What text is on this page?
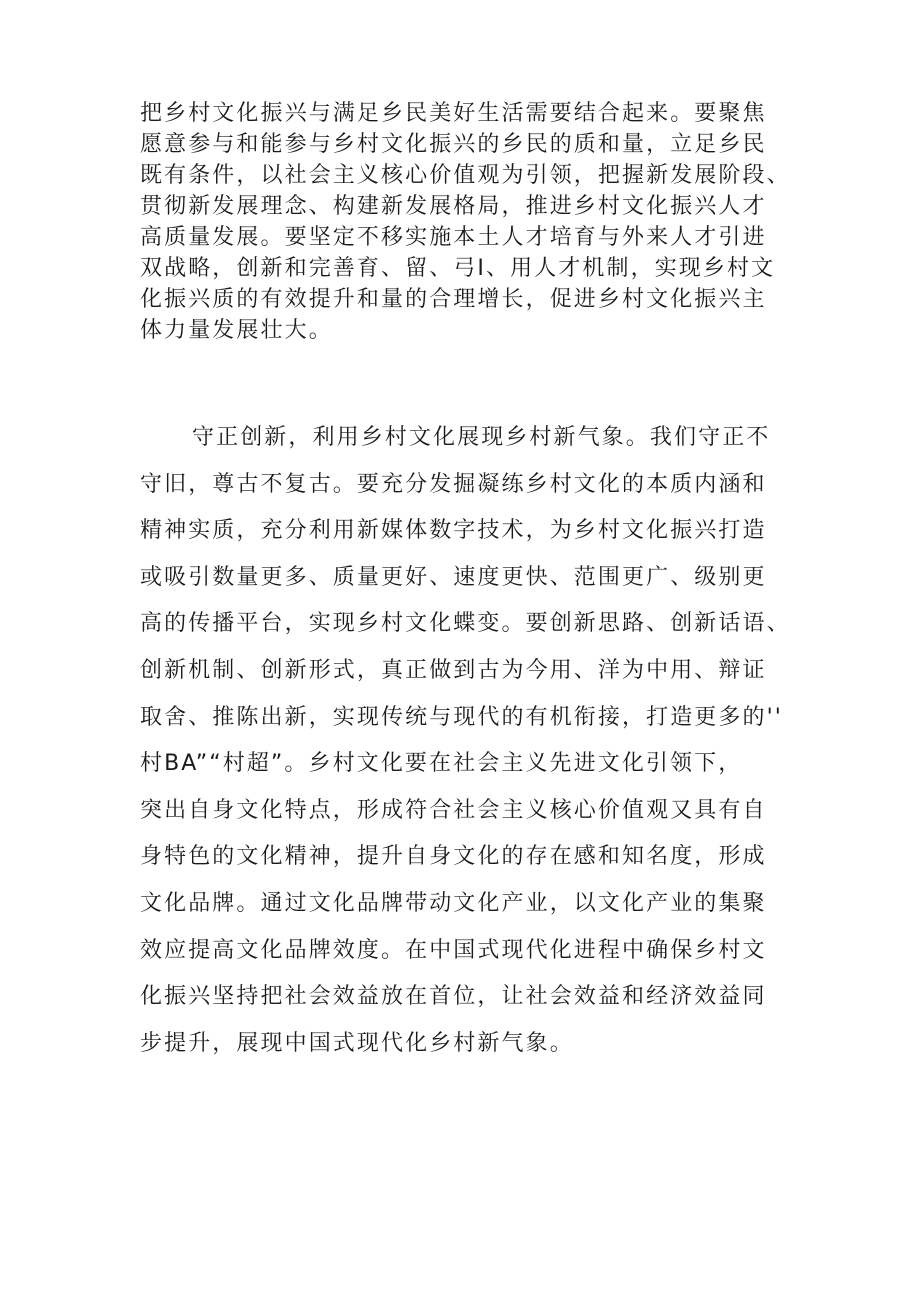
把乡村文化振兴与满足乡民美好生活需要结合起来。要聚焦
愿意参与和能参与乡村文化振兴的乡民的质和量，立足乡民
既有条件，以社会主义核心价值观为引领，把握新发展阶段、
贯彻新发展理念、构建新发展格局，推进乡村文化振兴人才
高质量发展。要坚定不移实施本土人才培育与外来人才引进
双战略，创新和完善育、留、弓I、用人才机制，实现乡村文
化振兴质的有效提升和量的合理增长，促进乡村文化振兴主
体力量发展壮大。
守正创新，利用乡村文化展现乡村新气象。我们守正不
守旧，尊古不复古。要充分发掘凝练乡村文化的本质内涵和
精神实质，充分利用新媒体数字技术，为乡村文化振兴打造
或吸引数量更多、质量更好、速度更快、范围更广、级别更
高的传播平台，实现乡村文化蝶变。要创新思路、创新话语、
创新机制、创新形式，真正做到古为今用、洋为中用、辩证
取舍、推陈出新，实现传统与现代的有机衔接，打造更多的''
村BA”“村超”。乡村文化要在社会主义先进文化引领下，
突出自身文化特点，形成符合社会主义核心价值观又具有自
身特色的文化精神，提升自身文化的存在感和知名度，形成
文化品牌。通过文化品牌带动文化产业，以文化产业的集聚
效应提高文化品牌效度。在中国式现代化进程中确保乡村文
化振兴坚持把社会效益放在首位，让社会效益和经济效益同
步提升，展现中国式现代化乡村新气象。
